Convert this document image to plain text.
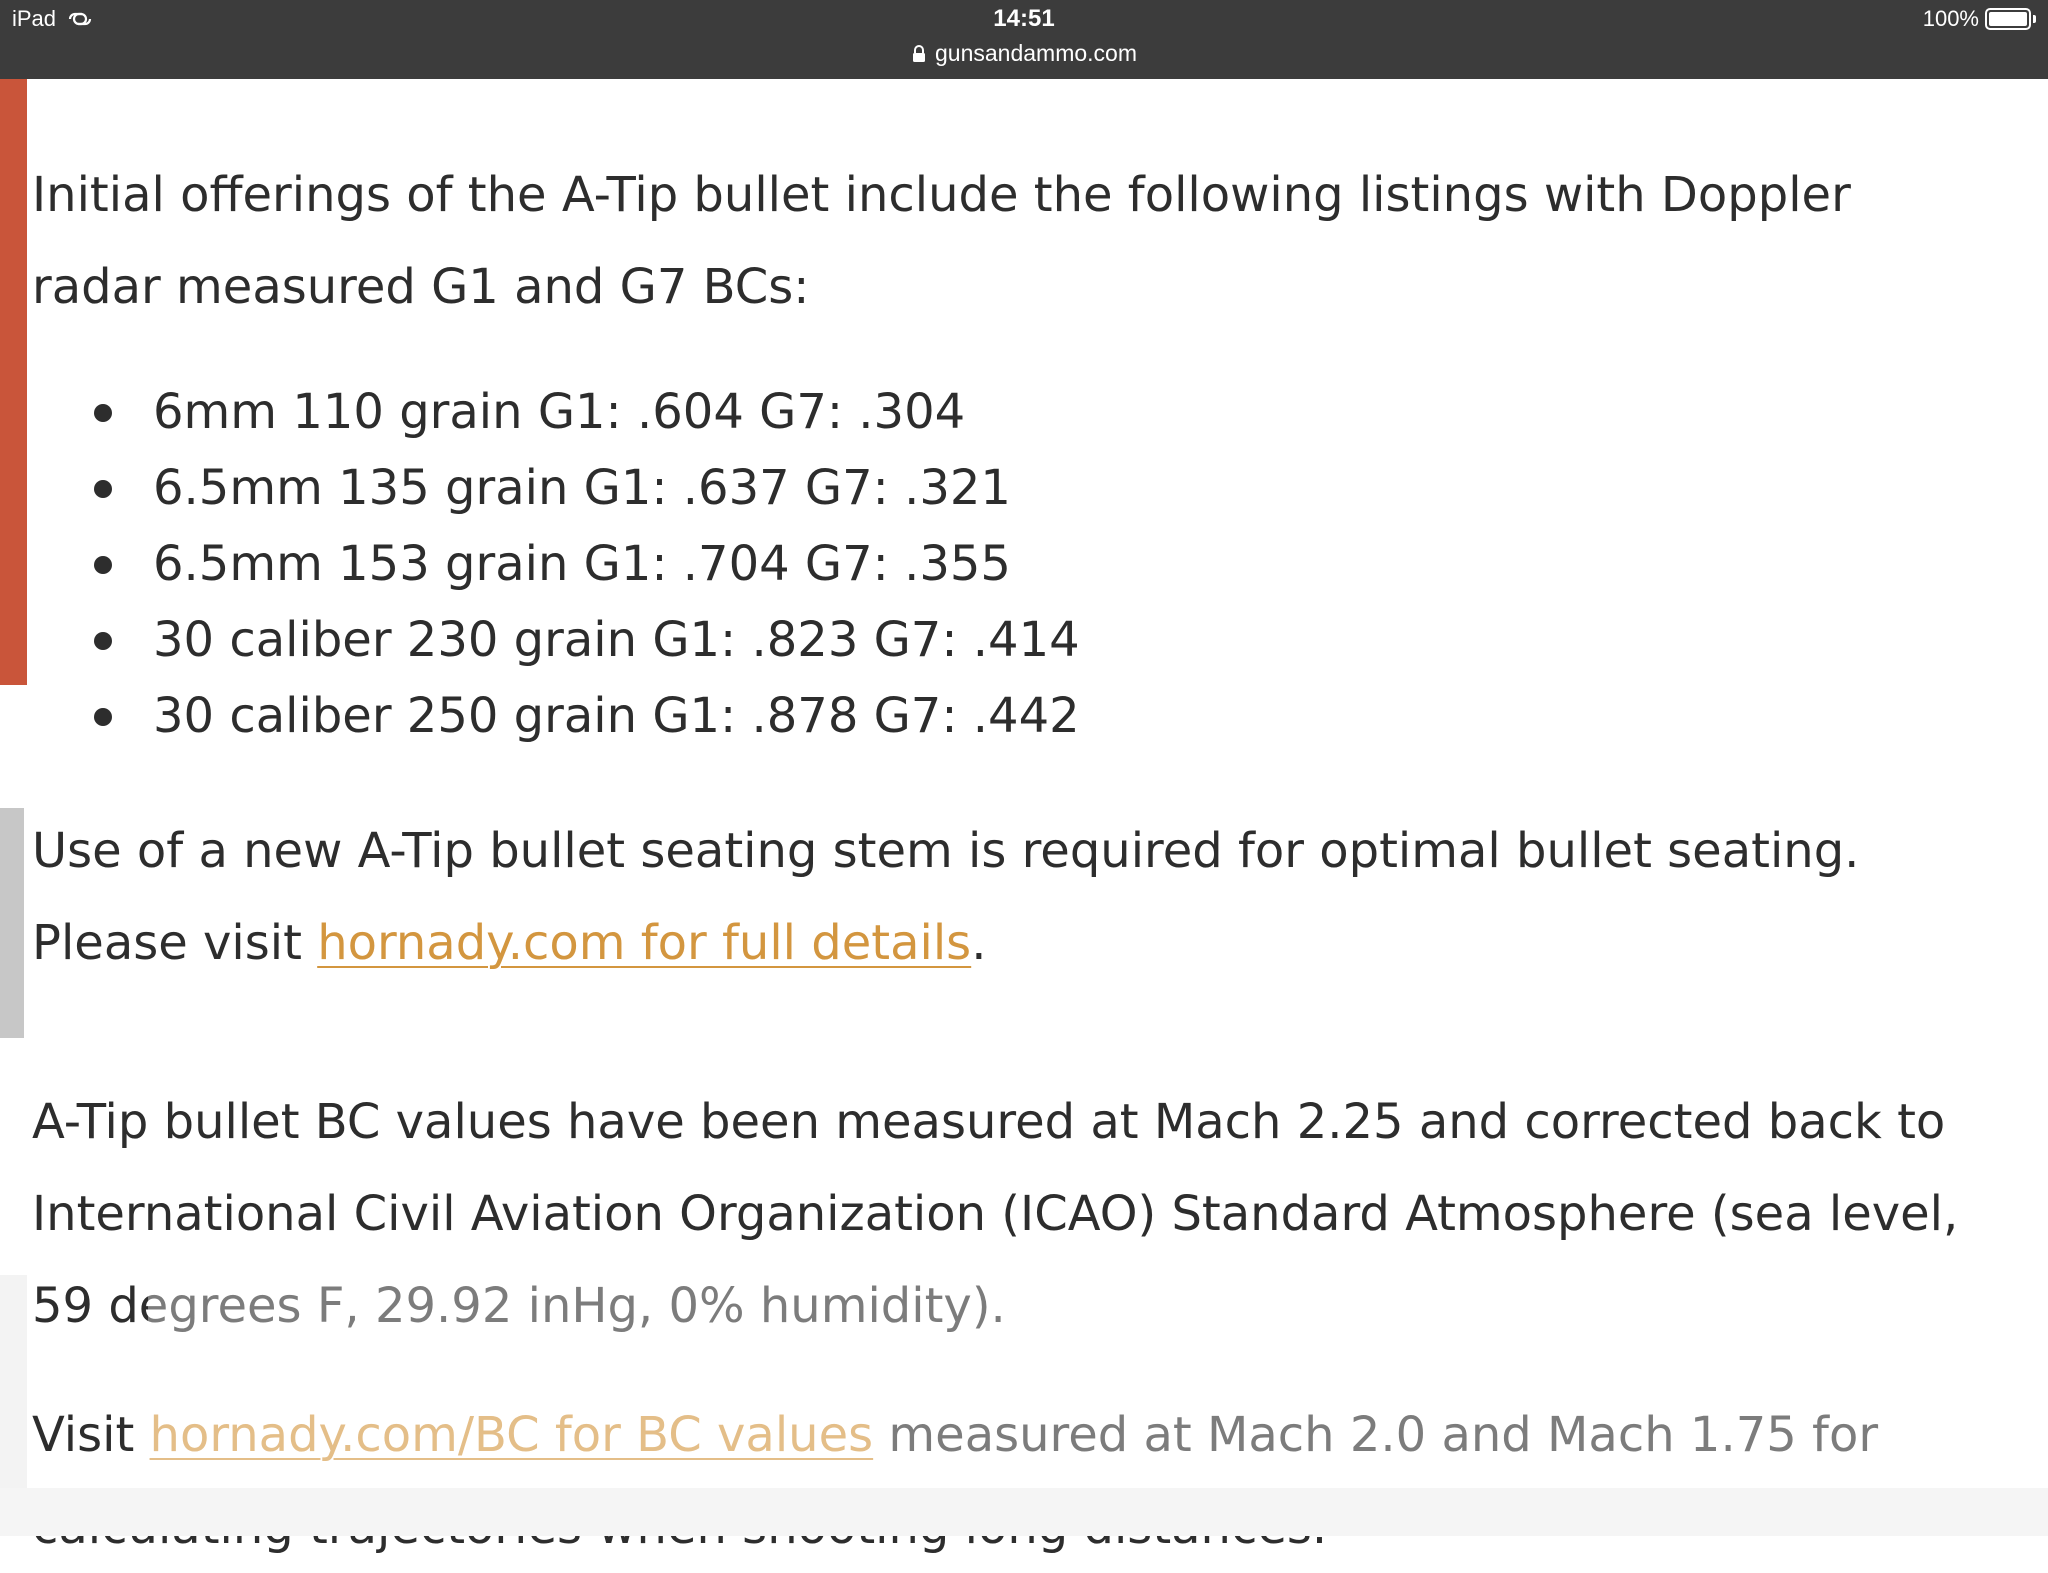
iPad	14:51
gunsandammo.com
100%

Initial offerings of the A-Tip bullet include the following listings with Doppler radar measured G1 and G7 BCs:

6mm 110 grain G1: .604 G7: .304
6.5mm 135 grain G1: .637 G7: .321
6.5mm 153 grain G1: .704 G7: .355
30 caliber 230 grain G1: .823 G7: .414
30 caliber 250 grain G1: .878 G7: .442

Use of a new A-Tip bullet seating stem is required for optimal bullet seating. Please visit hornady.com for full details.

A-Tip bullet BC values have been measured at Mach 2.25 and corrected back to International Civil Aviation Organization (ICAO) Standard Atmosphere (sea level, 59 degrees F, 29.92 inHg, 0% humidity).

Visit hornady.com/BC for BC values measured at Mach 2.0 and Mach 1.75 for
